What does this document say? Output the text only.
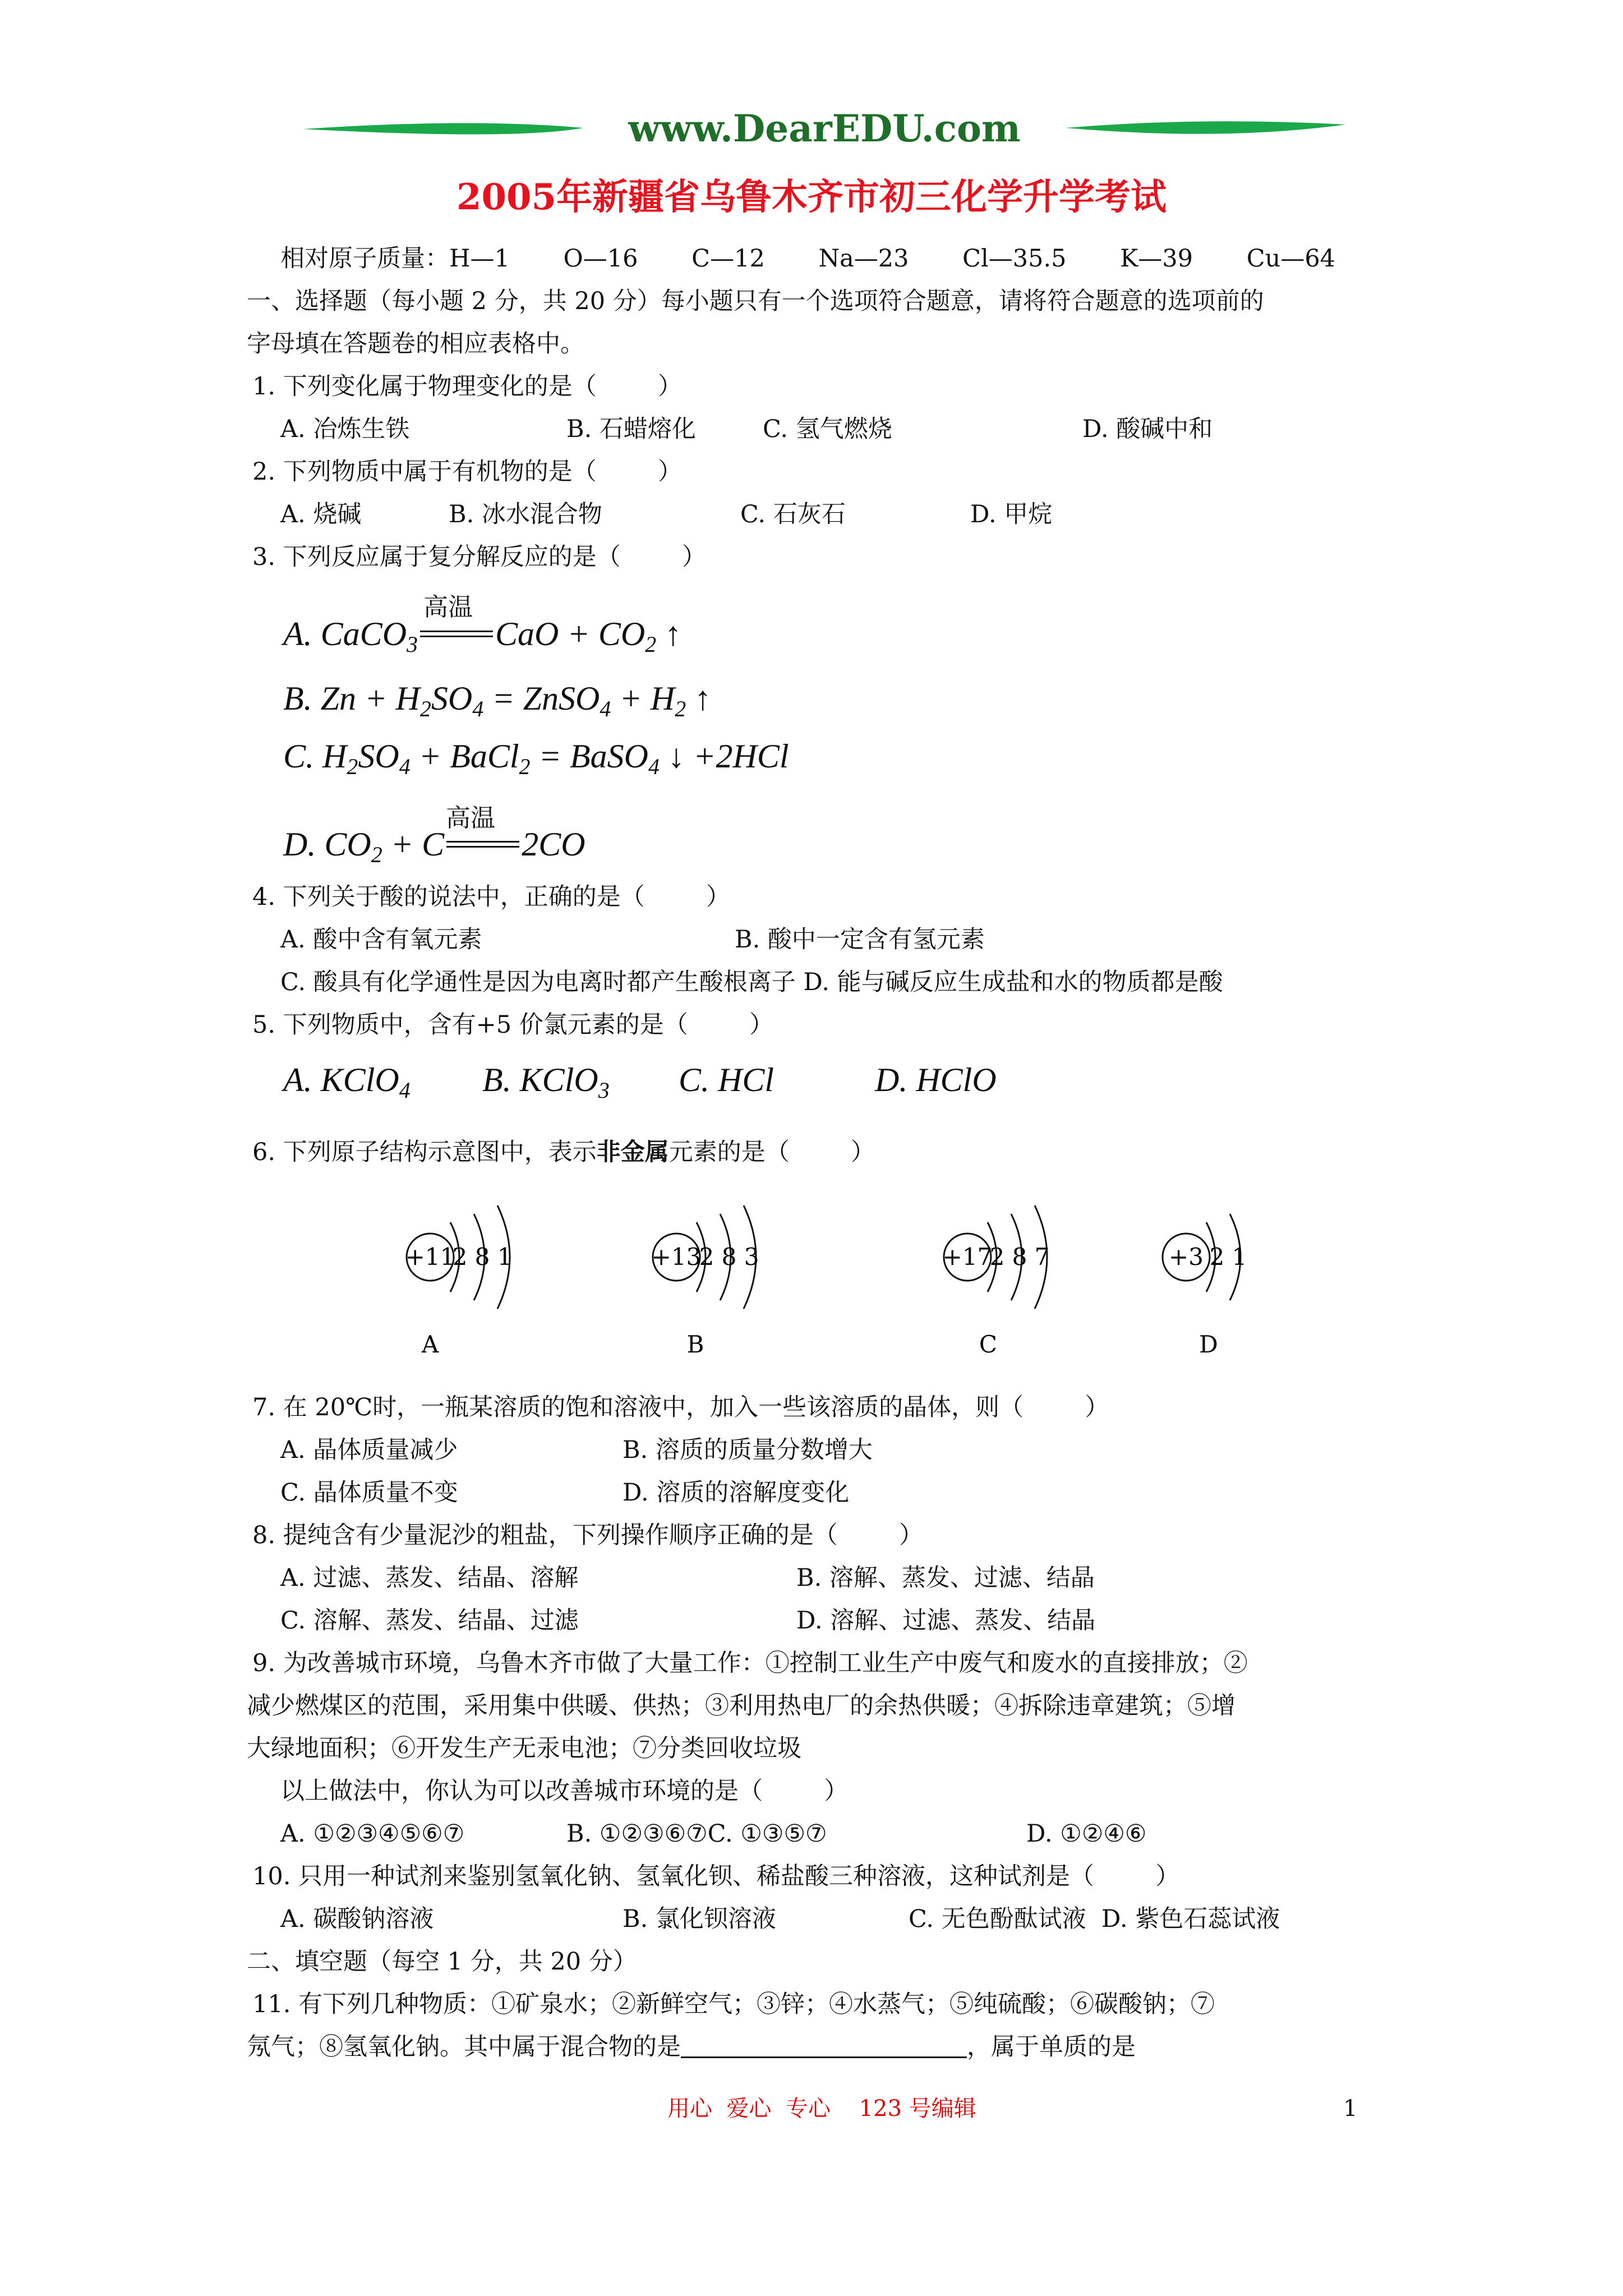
www.DearEDU.com
2005年新疆省乌鲁木齐市初三化学升学考试
相对原子质量：H—1       O—16       C—12       Na—23       Cl—35.5       K—39       Cu—64
一、选择题（每小题 2 分，共 20 分）每小题只有一个选项符合题意，请将符合题意的选项前的
字母填在答题卷的相应表格中。
1. 下列变化属于物理变化的是（        ）
A. 冶炼生铁	B. 石蜡熔化	C. 氢气燃烧	D. 酸碱中和
2. 下列物质中属于有机物的是（        ）
A. 烧碱	B. 冰水混合物	C. 石灰石	D. 甲烷
3. 下列反应属于复分解反应的是（        ）
高温
A. CaCO$_3$ CaO + $CO_2$ ↑
B. $Zn + H_2SO_4$ = ZnSO$_4$ + $H_2$ ↑
C. $H_2SO_4$ + BaCl$_2$ = BaSO$_4$ ↓ +2HCl
高温
D. $CO_2 + C$ 2CO
4. 下列关于酸的说法中，正确的是（        ）
A. 酸中含有氧元素	B. 酸中一定含有氢元素
C. 酸具有化学通性是因为电离时都产生酸根离子 D. 能与碱反应生成盐和水的物质都是酸
5. 下列物质中，含有+5 价氯元素的是（        ）
A. KClO$_4$ B. KClO$_3$ C. HCl	D. HClO
6. 下列原子结构示意图中，表示非金属元素的是（        ）

+11
2 8 1
A
+13
2 8 3
B
+17
2 8 7
C
+3 2 1
D

7. 在 20℃时，一瓶某溶质的饱和溶液中，加入一些该溶质的晶体，则（        ）
A. 晶体质量减少	B. 溶质的质量分数增大
C. 晶体质量不变	D. 溶质的溶解度变化
8. 提纯含有少量泥沙的粗盐，下列操作顺序正确的是（        ）
A. 过滤、蒸发、结晶、溶解	B. 溶解、蒸发、过滤、结晶
C. 溶解、蒸发、结晶、过滤	D. 溶解、过滤、蒸发、结晶
9. 为改善城市环境，乌鲁木齐市做了大量工作：①控制工业生产中废气和废水的直接排放；②
减少燃煤区的范围，采用集中供暖、供热；③利用热电厂的余热供暖；④拆除违章建筑；⑤增
大绿地面积；⑥开发生产无汞电池；⑦分类回收垃圾
以上做法中，你认为可以改善城市环境的是（        ）
A. ①②③④⑤⑥⑦	B. ①②③⑥⑦C. ①③⑤⑦	D. ①②④⑥
10. 只用一种试剂来鉴别氢氧化钠、氢氧化钡、稀盐酸三种溶液，这种试剂是（        ）
A. 碳酸钠溶液	B. 氯化钡溶液	C. 无色酚酞试液  D. 紫色石蕊试液
二、填空题（每空 1 分，共 20 分）
11. 有下列几种物质：①矿泉水；②新鲜空气；③锌；④水蒸气；⑤纯硫酸；⑥碳酸钠；⑦
氖气；⑧氢氧化钠。其中属于混合物的是	，属于单质的是
用心  爱心  专心    123 号编辑	1
